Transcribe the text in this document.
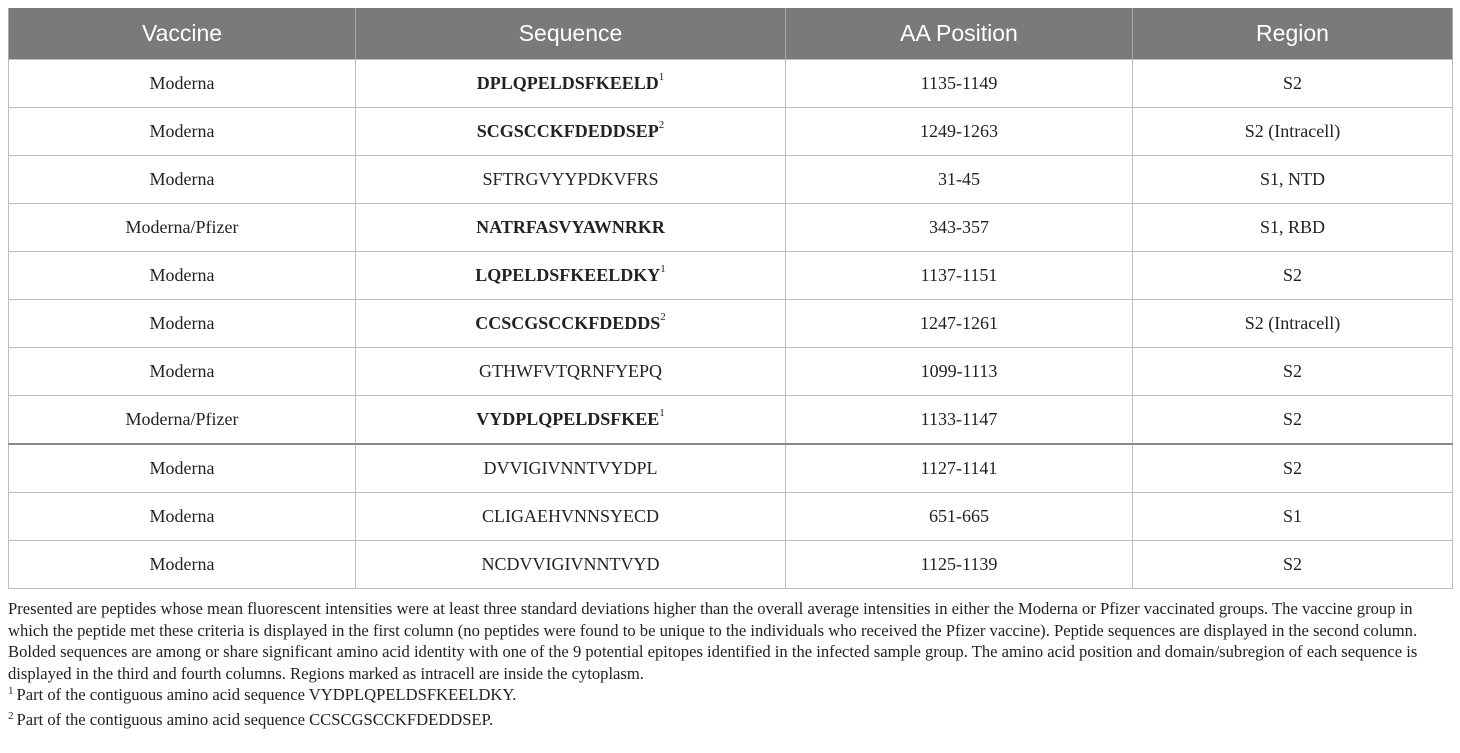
Vaccine	Sequence	AA Position	Region
Moderna	DPLQPELDSFKEELD$^1$	1135-1149	S2
Moderna	SCGSCCKFDEDDSEP$^2$	1249-1263	S2 (Intracell)
Moderna	SFTRGVYYPDKVFRS	31-45	S1, NTD
Moderna/Pfizer	NATRFASVYAWNRKR	343-357	S1, RBD
Moderna	LQPELDSFKEELDKY$^1$	1137-1151	S2
Moderna	CCSCGSCCKFDEDDS$^2$	1247-1261	S2 (Intracell)
Moderna	GTHWFVTQRNFYEPQ	1099-1113	S2
Moderna/Pfizer	VYDPLQPELDSFKEE$^1$	1133-1147	S2
Moderna	DVVIGIVNNTVYDPL	1127-1141	S2
Moderna	CLIGAEHVNNSYECD	651-665	S1
Moderna	NCDVVIGIVNNTVYD	1125-1139	S2

Presented are peptides whose mean fluorescent intensities were at least three standard deviations higher than the overall average intensities in either the Moderna or Pfizer vaccinated groups. The vaccine group in which the peptide met these criteria is displayed in the first column (no peptides were found to be unique to the individuals who received the Pfizer vaccine). Peptide sequences are displayed in the second column. Bolded sequences are among or share significant amino acid identity with one of the 9 potential epitopes identified in the infected sample group. The amino acid position and domain/subregion of each sequence is displayed in the third and fourth columns. Regions marked as intracell are inside the cytoplasm.

$^1$ Part of the contiguous amino acid sequence VYDPLQPELDSFKEELDKY.

$^2$ Part of the contiguous amino acid sequence CCSCGSCCKFDEDDSEP.
